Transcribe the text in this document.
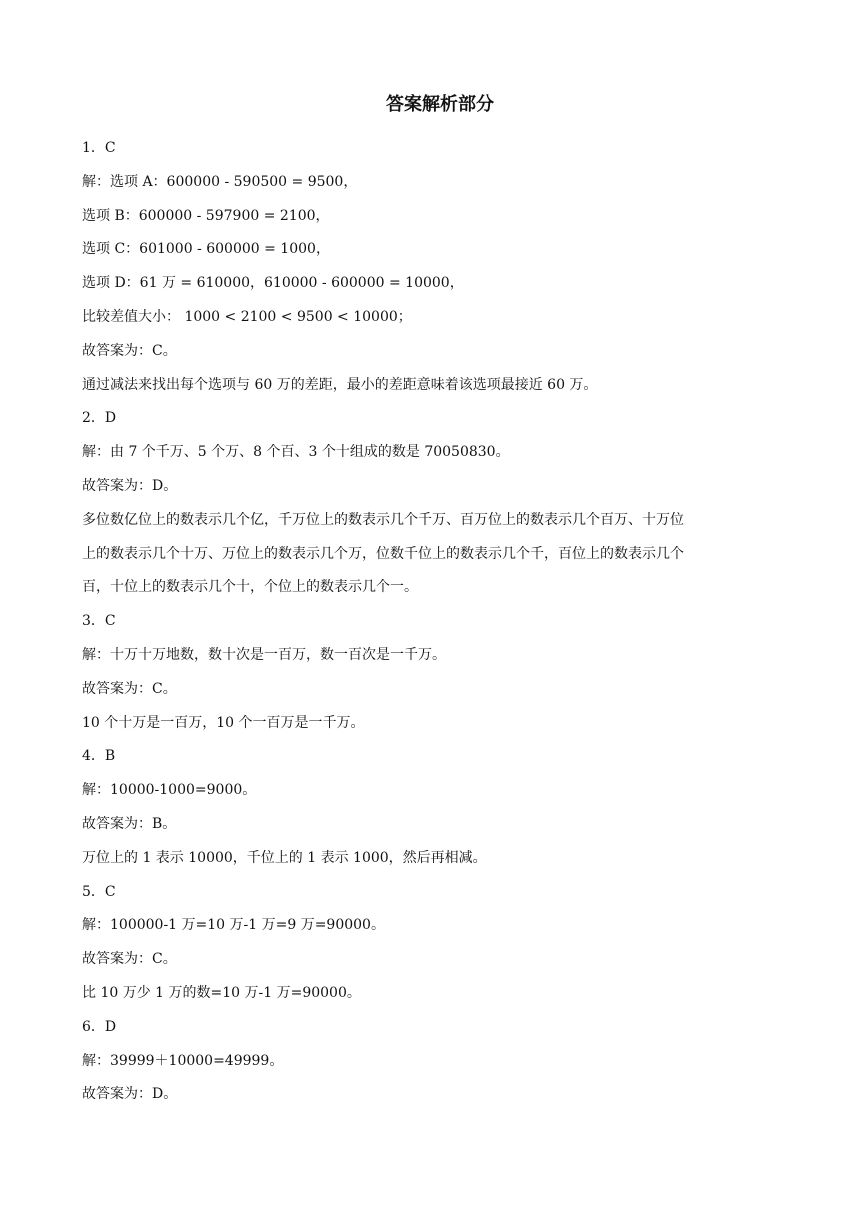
答案解析部分

1．C

解：选项 A：600000 - 590500 = 9500，

选项 B：600000 - 597900 = 2100，

选项 C：601000 - 600000 = 1000，

选项 D：61 万 = 610000，610000 - 600000 = 10000，

比较差值大小： 1000 < 2100 < 9500 < 10000；

故答案为：C。

通过减法来找出每个选项与 60 万的差距，最小的差距意味着该选项最接近 60 万。

2．D

解：由 7 个千万、5 个万、8 个百、3 个十组成的数是 70050830。

故答案为：D。

多位数亿位上的数表示几个亿，千万位上的数表示几个千万、百万位上的数表示几个百万、十万位

上的数表示几个十万、万位上的数表示几个万，位数千位上的数表示几个千，百位上的数表示几个

百，十位上的数表示几个十，个位上的数表示几个一。

3．C

解：十万十万地数，数十次是一百万，数一百次是一千万。

故答案为：C。

10 个十万是一百万，10 个一百万是一千万。

4．B

解：10000-1000=9000。

故答案为：B。

万位上的 1 表示 10000，千位上的 1 表示 1000，然后再相减。

5．C

解：100000-1 万=10 万-1 万=9 万=90000。

故答案为：C。

比 10 万少 1 万的数=10 万-1 万=90000。

6．D

解：39999＋10000=49999。

故答案为：D。
